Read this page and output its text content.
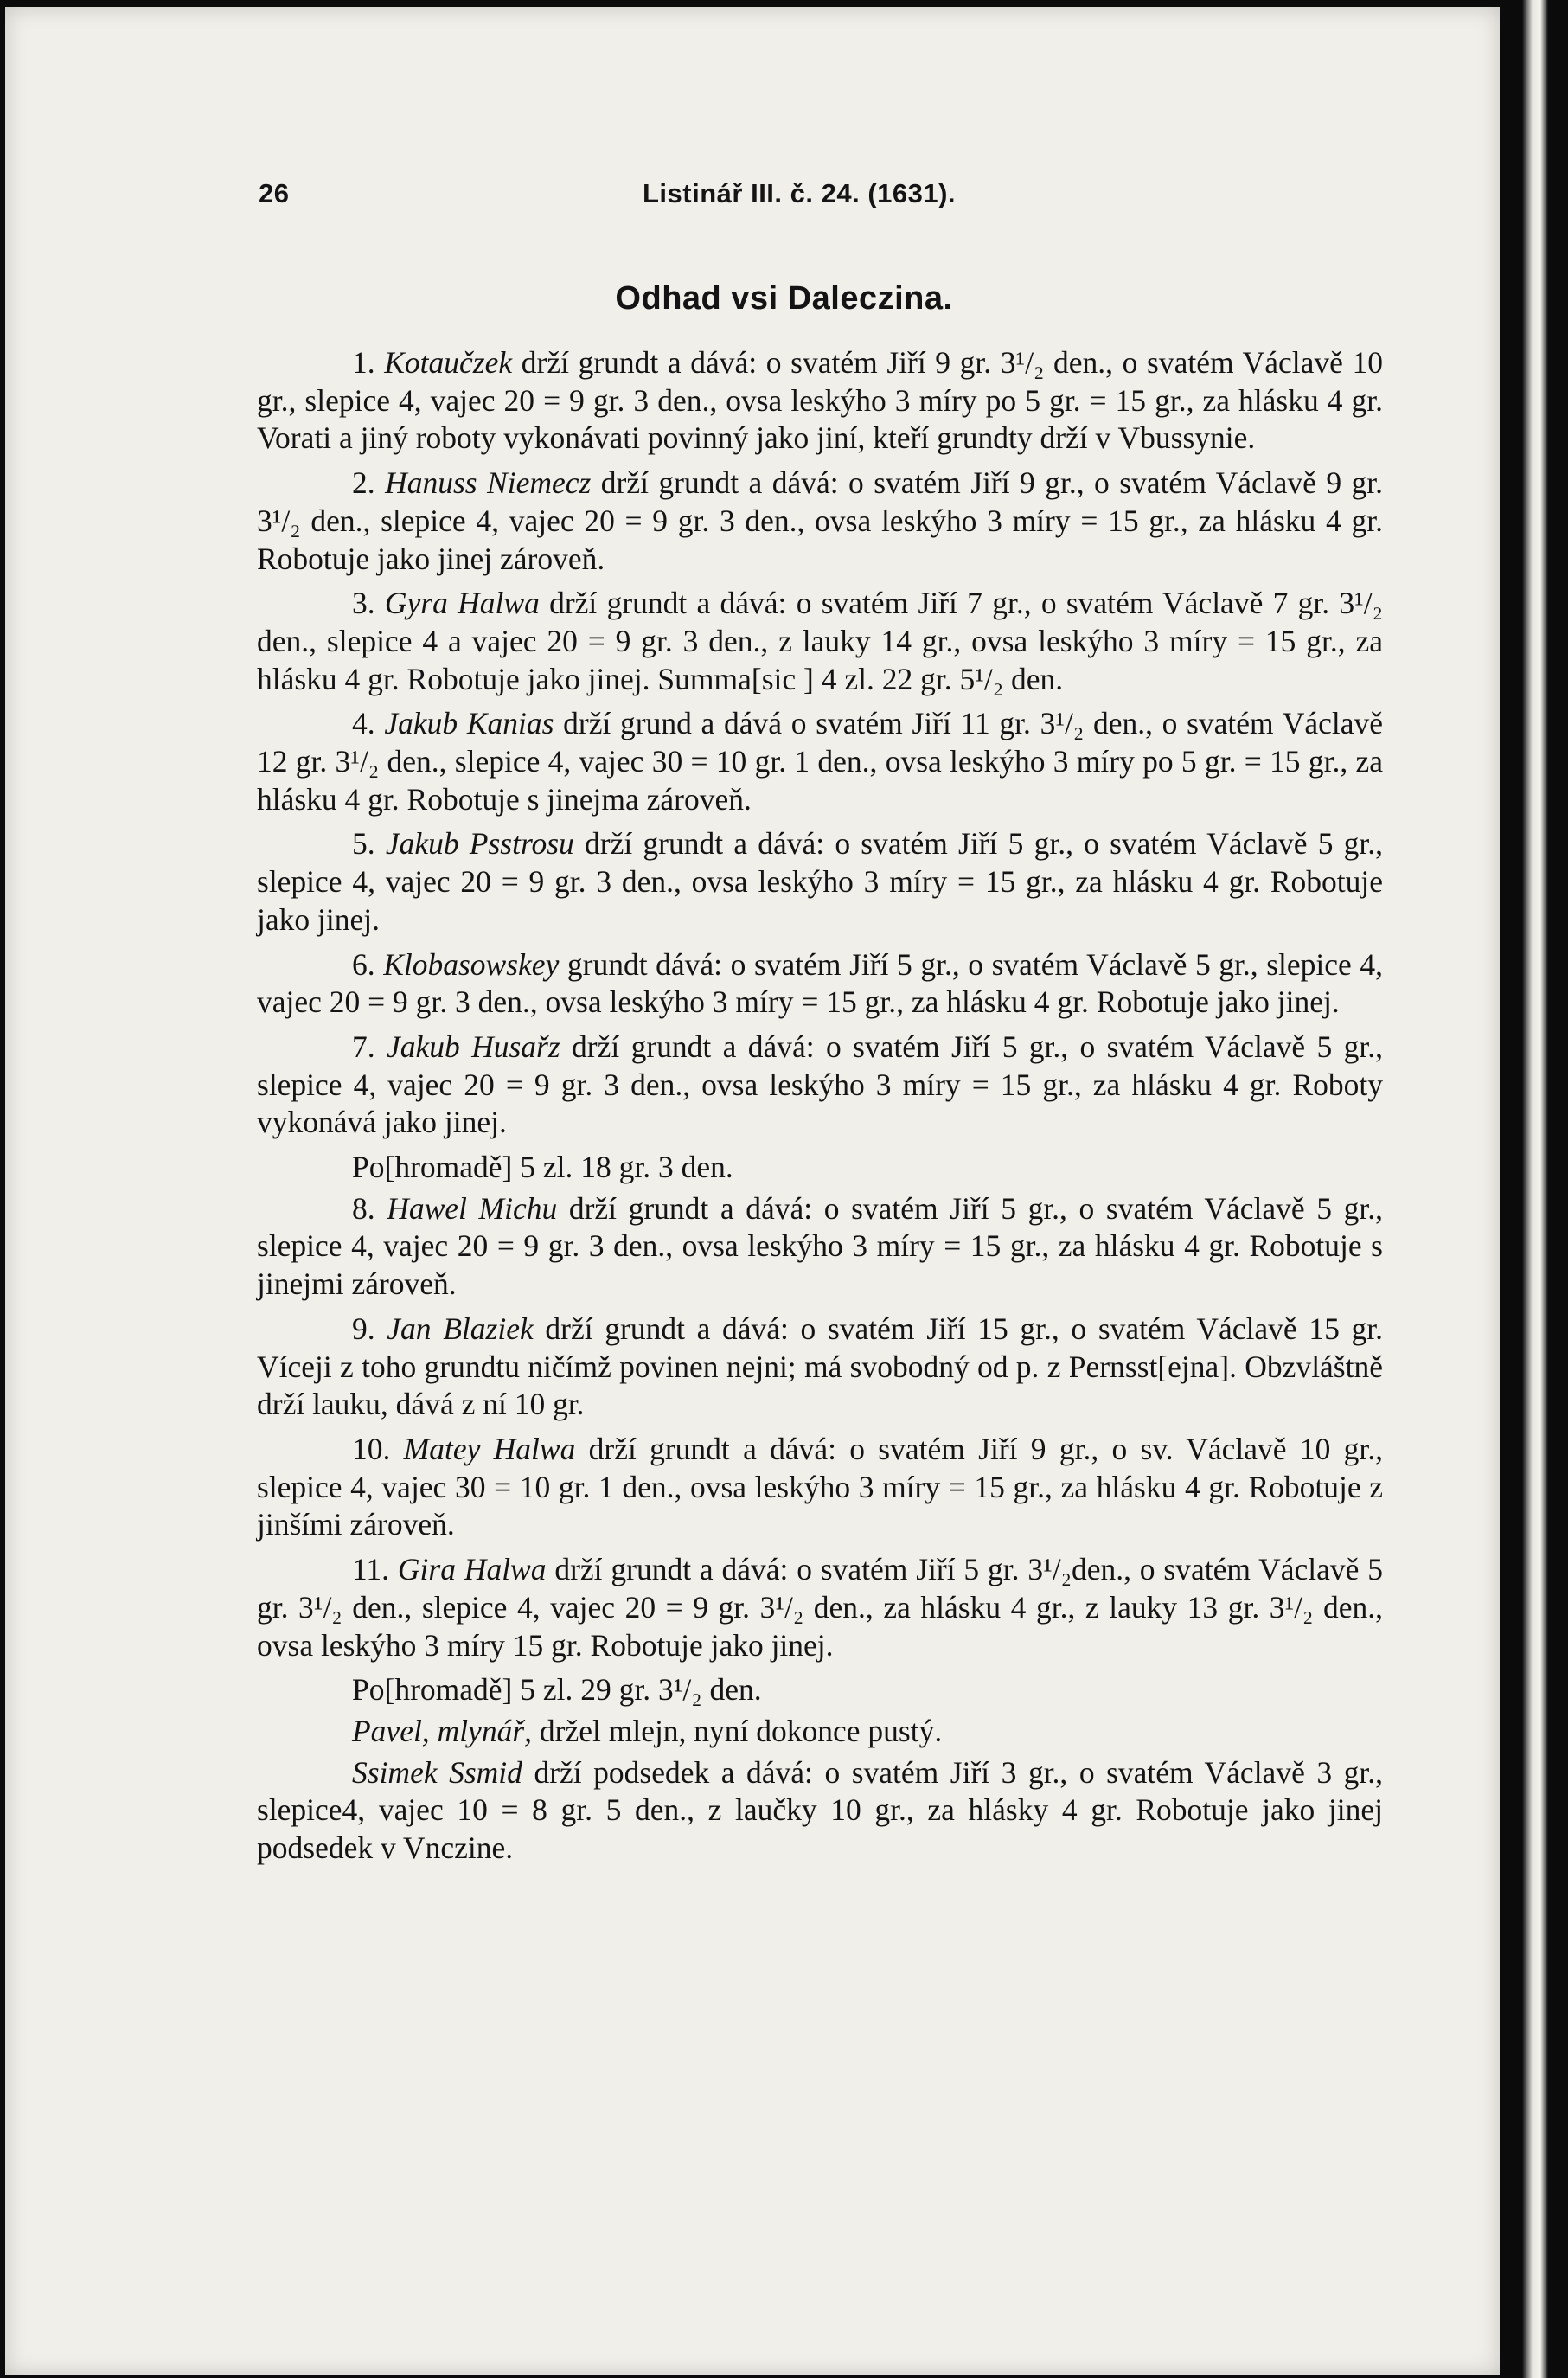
26	Listinář III. č. 24. (1631).
Odhad vsi Daleczina.

1. Kotaučzek drží grundt a dává: o svatém Jiří 9 gr. 3¹/₂ den., o svatém Václavě 10 gr., slepice 4, vajec 20 = 9 gr. 3 den., ovsa leskýho 3 míry po 5 gr. = 15 gr., za hlásku 4 gr. Vorati a jiný roboty vykonávati povinný jako jiní, kteří grundty drží v Vbussynie.

2. Hanuss Niemecz drží grundt a dává: o svatém Jiří 9 gr., o svatém Václavě 9 gr. 3¹/₂ den., slepice 4, vajec 20 = 9 gr. 3 den., ovsa leskýho 3 míry = 15 gr., za hlásku 4 gr. Robotuje jako jinej zároveň.

3. Gyra Halwa drží grundt a dává: o svatém Jiří 7 gr., o svatém Václavě 7 gr. 3¹/₂ den., slepice 4 a vajec 20 = 9 gr. 3 den., z lauky 14 gr., ovsa leskýho 3 míry = 15 gr., za hlásku 4 gr. Robotuje jako jinej. Summa[sic ] 4 zl. 22 gr. 5¹/₂ den.

4. Jakub Kanias drží grund a dává o svatém Jiří 11 gr. 3¹/₂ den., o svatém Václavě 12 gr. 3¹/₂ den., slepice 4, vajec 30 = 10 gr. 1 den., ovsa leskýho 3 míry po 5 gr. = 15 gr., za hlásku 4 gr. Robotuje s jinejma zároveň.

5. Jakub Psstrosu drží grundt a dává: o svatém Jiří 5 gr., o svatém Václavě 5 gr., slepice 4, vajec 20 = 9 gr. 3 den., ovsa leskýho 3 míry = 15 gr., za hlásku 4 gr. Robotuje jako jinej.

6. Klobasowskey grundt dává: o svatém Jiří 5 gr., o svatém Václavě 5 gr., slepice 4, vajec 20 = 9 gr. 3 den., ovsa leskýho 3 míry = 15 gr., za hlásku 4 gr. Robotuje jako jinej.

7. Jakub Husařz drží grundt a dává: o svatém Jiří 5 gr., o svatém Václavě 5 gr., slepice 4, vajec 20 = 9 gr. 3 den., ovsa leskýho 3 míry = 15 gr., za hlásku 4 gr. Roboty vykonává jako jinej.

Po[hromadě] 5 zl. 18 gr. 3 den.

8. Hawel Michu drží grundt a dává: o svatém Jiří 5 gr., o svatém Václavě 5 gr., slepice 4, vajec 20 = 9 gr. 3 den., ovsa leskýho 3 míry = 15 gr., za hlásku 4 gr. Robotuje s jinejmi zároveň.

9. Jan Blaziek drží grundt a dává: o svatém Jiří 15 gr., o svatém Václavě 15 gr. Víceji z toho grundtu ničímž povinen nejni; má svobodný od p. z Pernsst[ejna]. Obzvláštně drží lauku, dává z ní 10 gr.

10. Matey Halwa drží grundt a dává: o svatém Jiří 9 gr., o sv. Václavě 10 gr., slepice 4, vajec 30 = 10 gr. 1 den., ovsa leskýho 3 míry = 15 gr., za hlásku 4 gr. Robotuje z jinšími zároveň.

11. Gira Halwa drží grundt a dává: o svatém Jiří 5 gr. 3¹/₂den., o svatém Václavě 5 gr. 3¹/₂ den., slepice 4, vajec 20 = 9 gr. 3¹/₂ den., za hlásku 4 gr., z lauky 13 gr. 3¹/₂ den., ovsa leskýho 3 míry 15 gr. Robotuje jako jinej.

Po[hromadě] 5 zl. 29 gr. 3¹/₂ den.

Pavel, mlynář, držel mlejn, nyní dokonce pustý.

Ssimek Ssmid drží podsedek a dává: o svatém Jiří 3 gr., o svatém Václavě 3 gr., slepice4, vajec 10 = 8 gr. 5 den., z laučky 10 gr., za hlásky 4 gr. Robotuje jako jinej podsedek v Vnczine.
